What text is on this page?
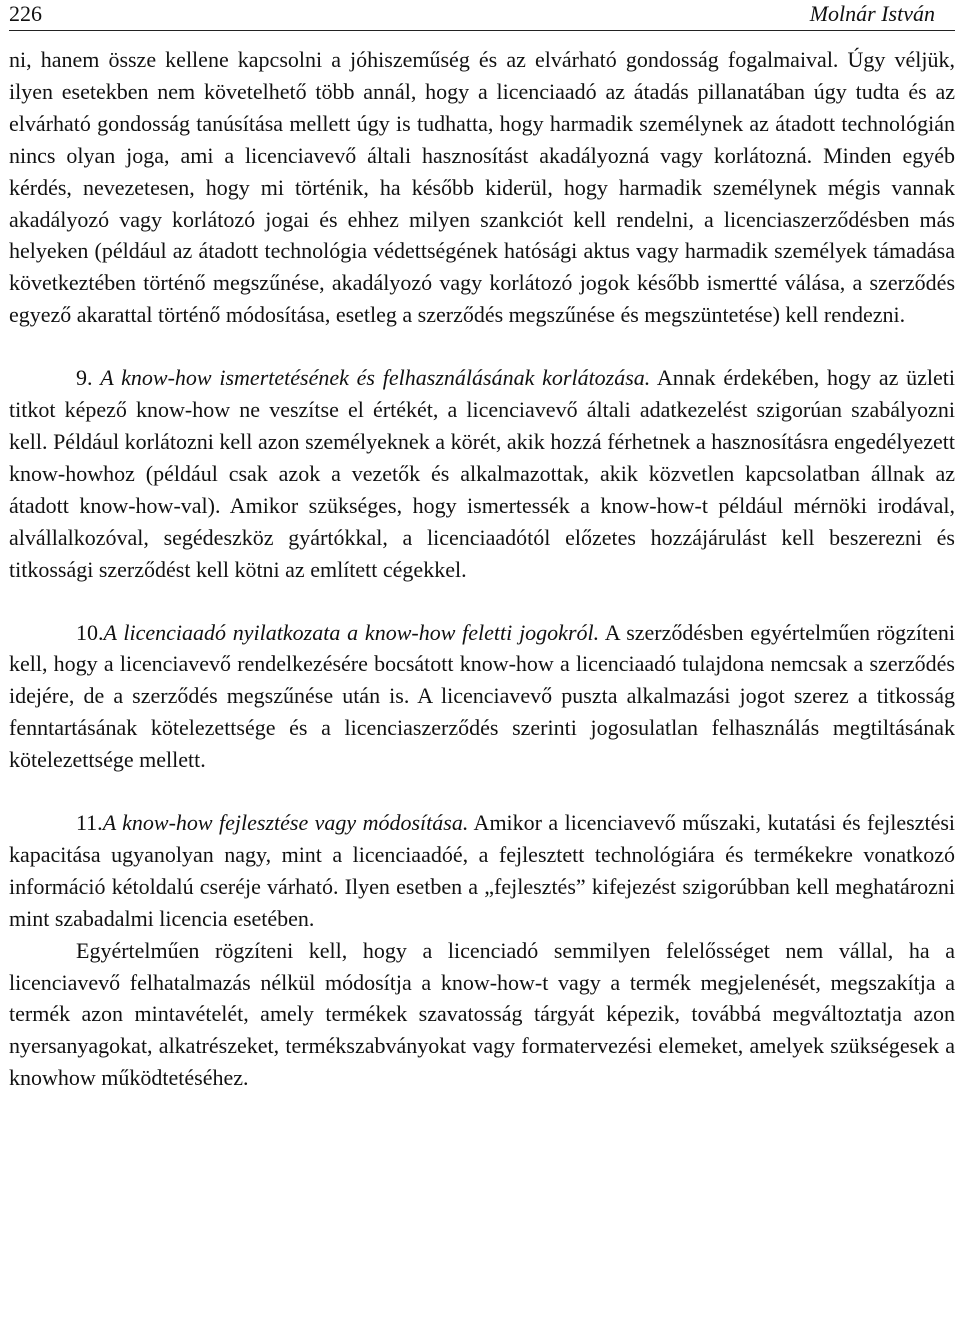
226	Molnár István

ni, hanem össze kellene kapcsolni a jóhiszeműség és az elvárható gondosság fogalmaival. Úgy véljük, ilyen esetekben nem követelhető több annál, hogy a licenciaadó az átadás pillanatában úgy tudta és az elvárható gondosság tanúsítása mellett úgy is tudhatta, hogy harmadik személynek az átadott technológián nincs olyan joga, ami a licenciavevő általi hasznosítást akadályozná vagy korlátozná. Minden egyéb kérdés, nevezetesen, hogy mi történik, ha később kiderül, hogy harmadik személynek mégis vannak akadályozó vagy korlátozó jogai és ehhez milyen szankciót kell rendelni, a licenciaszerződésben más helyeken (például az átadott technológia védettségének hatósági aktus vagy harmadik személyek támadása következtében történő megszűnése, akadályozó vagy korlátozó jogok később ismertté válása, a szerződés egyező akarattal történő módosítása, esetleg a szerződés megszűnése és megszüntetése) kell rendezni.

9. A know-how ismertetésének és felhasználásának korlátozása. Annak érdekében, hogy az üzleti titkot képező know-how ne veszítse el értékét, a licenciavevő általi adatkezelést szigorúan szabályozni kell. Például korlátozni kell azon személyeknek a körét, akik hozzá férhetnek a hasznosításra engedélyezett know-howhoz (például csak azok a vezetők és alkalmazottak, akik közvetlen kapcsolatban állnak az átadott know-how-val). Amikor szükséges, hogy ismertessék a know-how-t például mérnöki irodával, alvállalkozóval, segédeszköz gyártókkal, a licenciaadótól előzetes hozzájárulást kell beszerezni és titkossági szerződést kell kötni az említett cégekkel.

10.A licenciaadó nyilatkozata a know-how feletti jogokról. A szerződésben egyértelműen rögzíteni kell, hogy a licenciavevő rendelkezésére bocsátott know-how a licenciaadó tulajdona nemcsak a szerződés idejére, de a szerződés megszűnése után is. A licenciavevő puszta alkalmazási jogot szerez a titkosság fenntartásának kötelezettsége és a licenciaszerződés szerinti jogosulatlan felhasználás megtiltásának kötelezettsége mellett.

11.A know-how fejlesztése vagy módosítása. Amikor a licenciavevő műszaki, kutatási és fejlesztési kapacitása ugyanolyan nagy, mint a licenciaadóé, a fejlesztett technológiára és termékekre vonatkozó információ kétoldalú cseréje várható. Ilyen esetben a „fejlesztés” kifejezést szigorúbban kell meghatározni mint szabadalmi licencia esetében.

Egyértelműen rögzíteni kell, hogy a licenciadó semmilyen felelősséget nem vállal, ha a licenciavevő felhatalmazás nélkül módosítja a know-how-t vagy a termék megjelenését, megszakítja a termék azon mintavételét, amely termékek szavatosság tárgyát képezik, továbbá megváltoztatja azon nyersanyagokat, alkatrészeket, termékszabványokat vagy formatervezési elemeket, amelyek szükségesek a knowhow működtetéséhez.
